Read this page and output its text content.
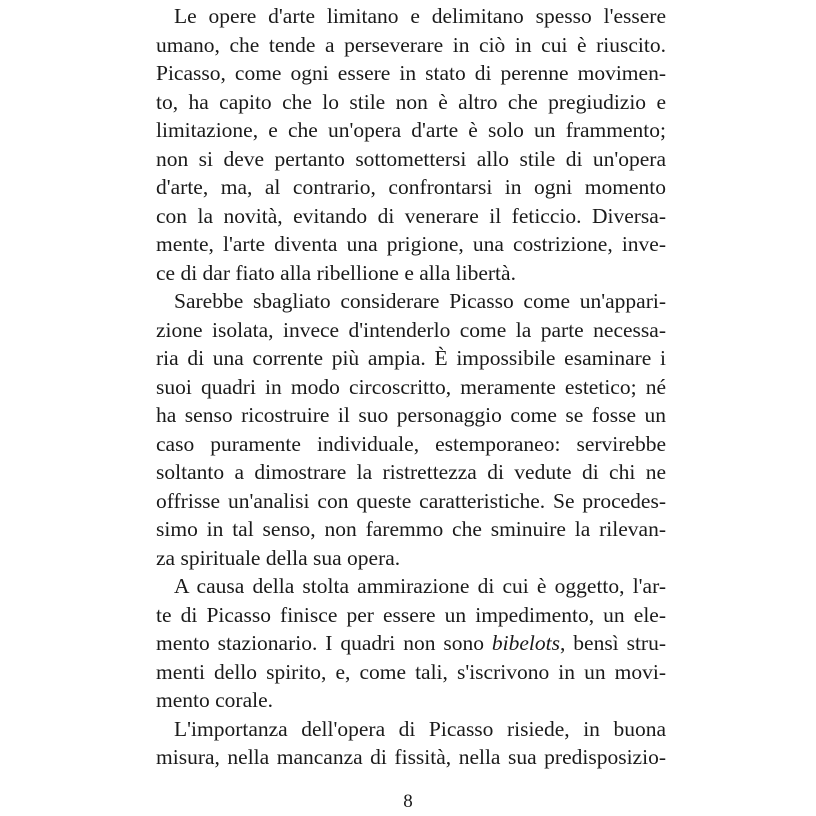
Le opere d'arte limitano e delimitano spesso l'essere
umano, che tende a perseverare in ciò in cui è riuscito.
Picasso, come ogni essere in stato di perenne movimen-
to, ha capito che lo stile non è altro che pregiudizio e
limitazione, e che un'opera d'arte è solo un frammento;
non si deve pertanto sottomettersi allo stile di un'opera
d'arte, ma, al contrario, confrontarsi in ogni momento
con la novità, evitando di venerare il feticcio. Diversa-
mente, l'arte diventa una prigione, una costrizione, inve-
ce di dar fiato alla ribellione e alla libertà.
Sarebbe sbagliato considerare Picasso come un'appari-
zione isolata, invece d'intenderlo come la parte necessa-
ria di una corrente più ampia. È impossibile esaminare i
suoi quadri in modo circoscritto, meramente estetico; né
ha senso ricostruire il suo personaggio come se fosse un
caso puramente individuale, estemporaneo: servirebbe
soltanto a dimostrare la ristrettezza di vedute di chi ne
offrisse un'analisi con queste caratteristiche. Se procedes-
simo in tal senso, non faremmo che sminuire la rilevan-
za spirituale della sua opera.
A causa della stolta ammirazione di cui è oggetto, l'ar-
te di Picasso finisce per essere un impedimento, un ele-
mento stazionario. I quadri non sono bibelots, bensì stru-
menti dello spirito, e, come tali, s'iscrivono in un movi-
mento corale.
L'importanza dell'opera di Picasso risiede, in buona
misura, nella mancanza di fissità, nella sua predisposizio-
8
